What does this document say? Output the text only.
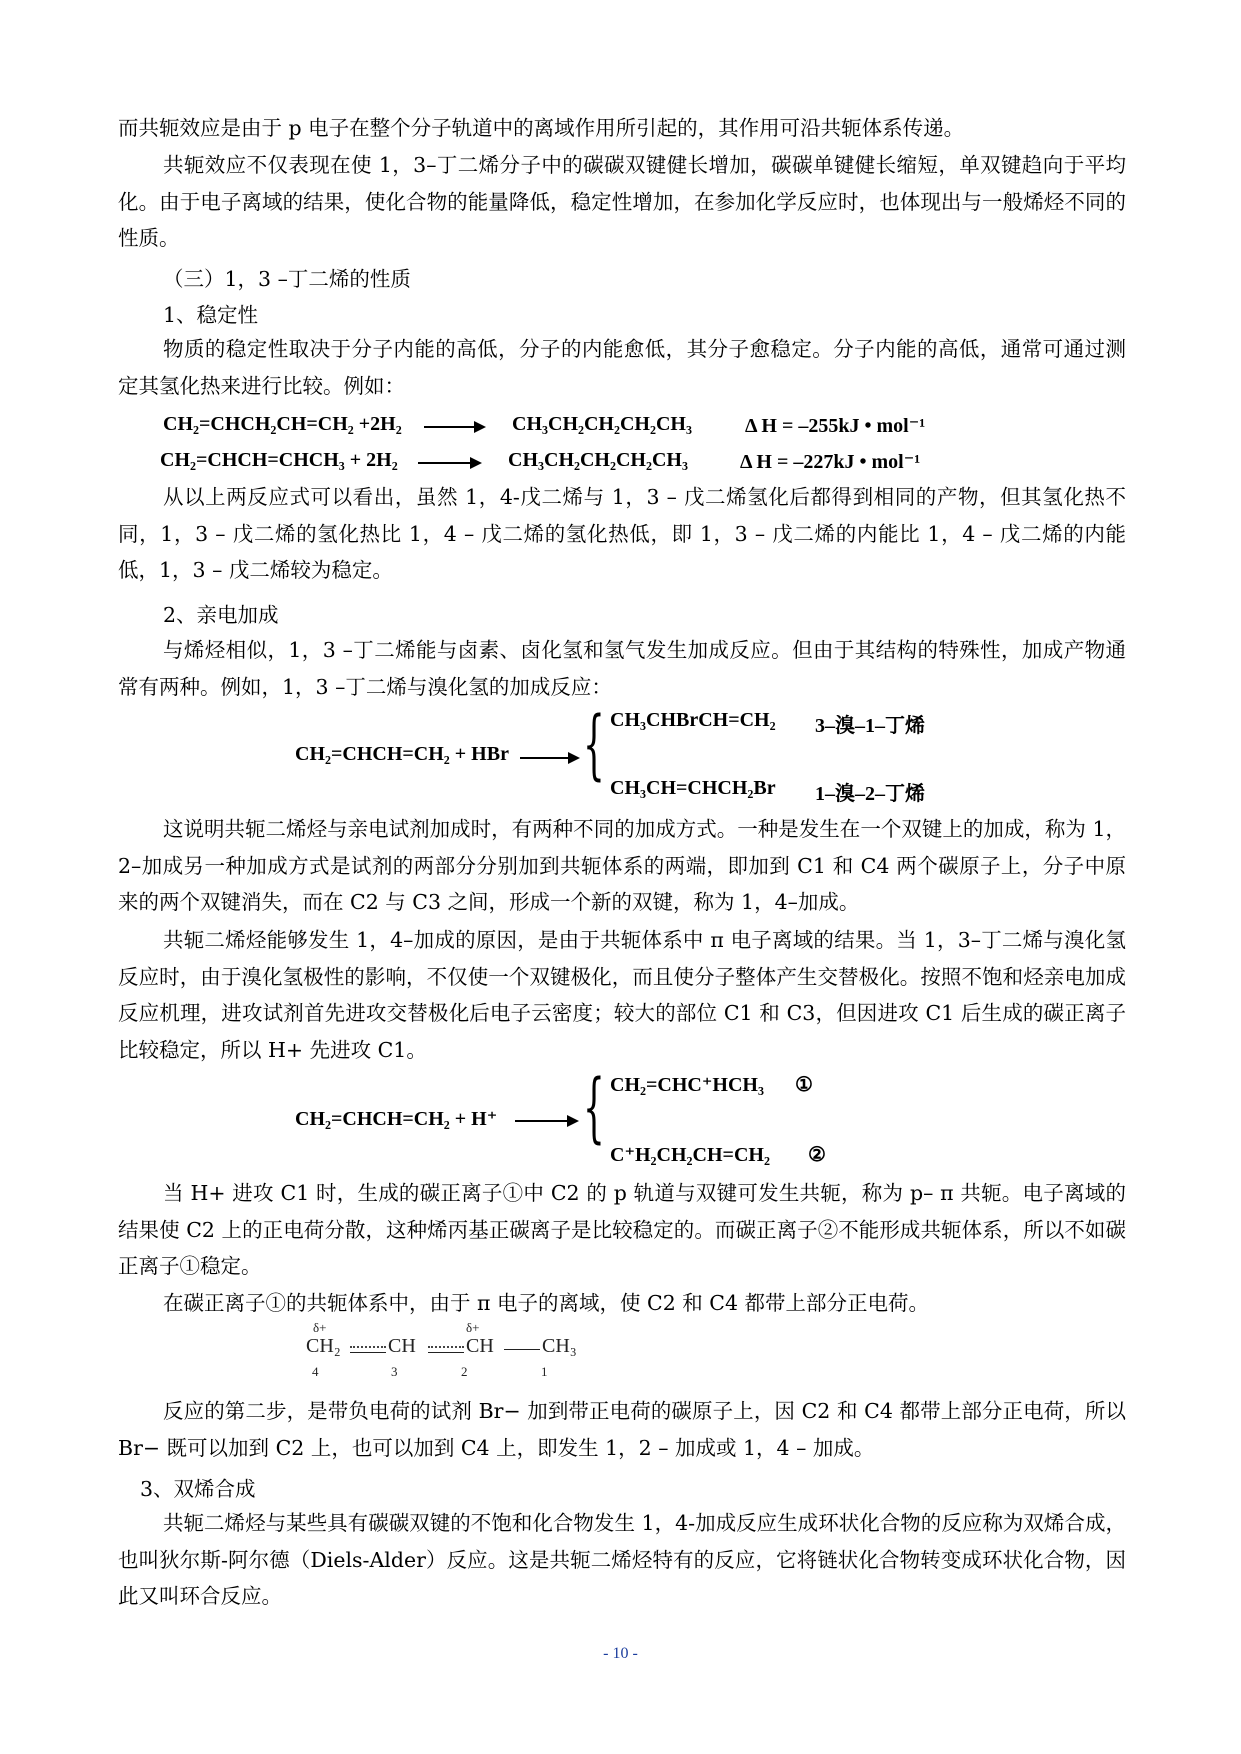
而共轭效应是由于 p 电子在整个分子轨道中的离域作用所引起的，其作用可沿共轭体系传递。
共轭效应不仅表现在使 1，3–丁二烯分子中的碳碳双键健长增加，碳碳单键健长缩短，单双键趋向于平均化。由于电子离域的结果，使化合物的能量降低，稳定性增加，在参加化学反应时，也体现出与一般烯烃不同的性质。
（三）1，3 –丁二烯的性质
1、稳定性
物质的稳定性取决于分子内能的高低，分子的内能愈低，其分子愈稳定。分子内能的高低，通常可通过测定其氢化热来进行比较。例如：
CH₂=CHCH₂CH=CH₂ +2H₂	CH₃CH₂CH₂CH₂CH₃	Δ H = –255kJ • mol⁻¹
CH₂=CHCH=CHCH₃ + 2H₂	CH₃CH₂CH₂CH₂CH₃	Δ H = –227kJ • mol⁻¹
从以上两反应式可以看出，虽然 1，4-戊二烯与 1，3 – 戊二烯氢化后都得到相同的产物，但其氢化热不同，1，3 – 戊二烯的氢化热比 1，4 – 戊二烯的氢化热低，即 1，3 – 戊二烯的内能比 1，4 – 戊二烯的内能低，1，3 – 戊二烯较为稳定。
2、亲电加成
与烯烃相似，1，3 –丁二烯能与卤素、卤化氢和氢气发生加成反应。但由于其结构的特殊性，加成产物通常有两种。例如，1，3 –丁二烯与溴化氢的加成反应：
CH₂=CHCH=CH₂ + HBr { CH₃CHBrCH=CH₂ 3–溴–1–丁烯
CH₃CH=CHCH₂Br 1–溴–2–丁烯
这说明共轭二烯烃与亲电试剂加成时，有两种不同的加成方式。一种是发生在一个双键上的加成，称为 1，2–加成另一种加成方式是试剂的两部分分别加到共轭体系的两端，即加到 C1 和 C4 两个碳原子上，分子中原来的两个双键消失，而在 C2 与 C3 之间，形成一个新的双键，称为 1，4–加成。
共轭二烯烃能够发生 1，4–加成的原因，是由于共轭体系中 π 电子离域的结果。当 1，3–丁二烯与溴化氢反应时，由于溴化氢极性的影响，不仅使一个双键极化，而且使分子整体产生交替极化。按照不饱和烃亲电加成反应机理，进攻试剂首先进攻交替极化后电子云密度；较大的部位 C1 和 C3，但因进攻 C1 后生成的碳正离子比较稳定，所以 H+ 先进攻 C1。
CH₂=CHCH=CH₂ + H⁺ { CH₂=CHC⁺HCH₃ ①
C⁺H₂CH₂CH=CH₂ ②
当 H+ 进攻 C1 时，生成的碳正离子①中 C2 的 p 轨道与双键可发生共轭，称为 p– π 共轭。电子离域的结果使 C2 上的正电荷分散，这种烯丙基正碳离子是比较稳定的。而碳正离子②不能形成共轭体系，所以不如碳正离子①稳定。
在碳正离子①的共轭体系中，由于 π 电子的离域，使 C2 和 C4 都带上部分正电荷。
δ+	δ+
CH₂ CH	CH CH₃
4	3	2	1
反应的第二步，是带负电荷的试剂 Br− 加到带正电荷的碳原子上，因 C2 和 C4 都带上部分正电荷，所以 Br− 既可以加到 C2 上，也可以加到 C4 上，即发生 1，2 – 加成或 1，4 – 加成。
3、双烯合成
共轭二烯烃与某些具有碳碳双键的不饱和化合物发生 1，4-加成反应生成环状化合物的反应称为双烯合成，也叫狄尔斯-阿尔德（Diels-Alder）反应。这是共轭二烯烃特有的反应，它将链状化合物转变成环状化合物，因此又叫环合反应。
- 10 -
